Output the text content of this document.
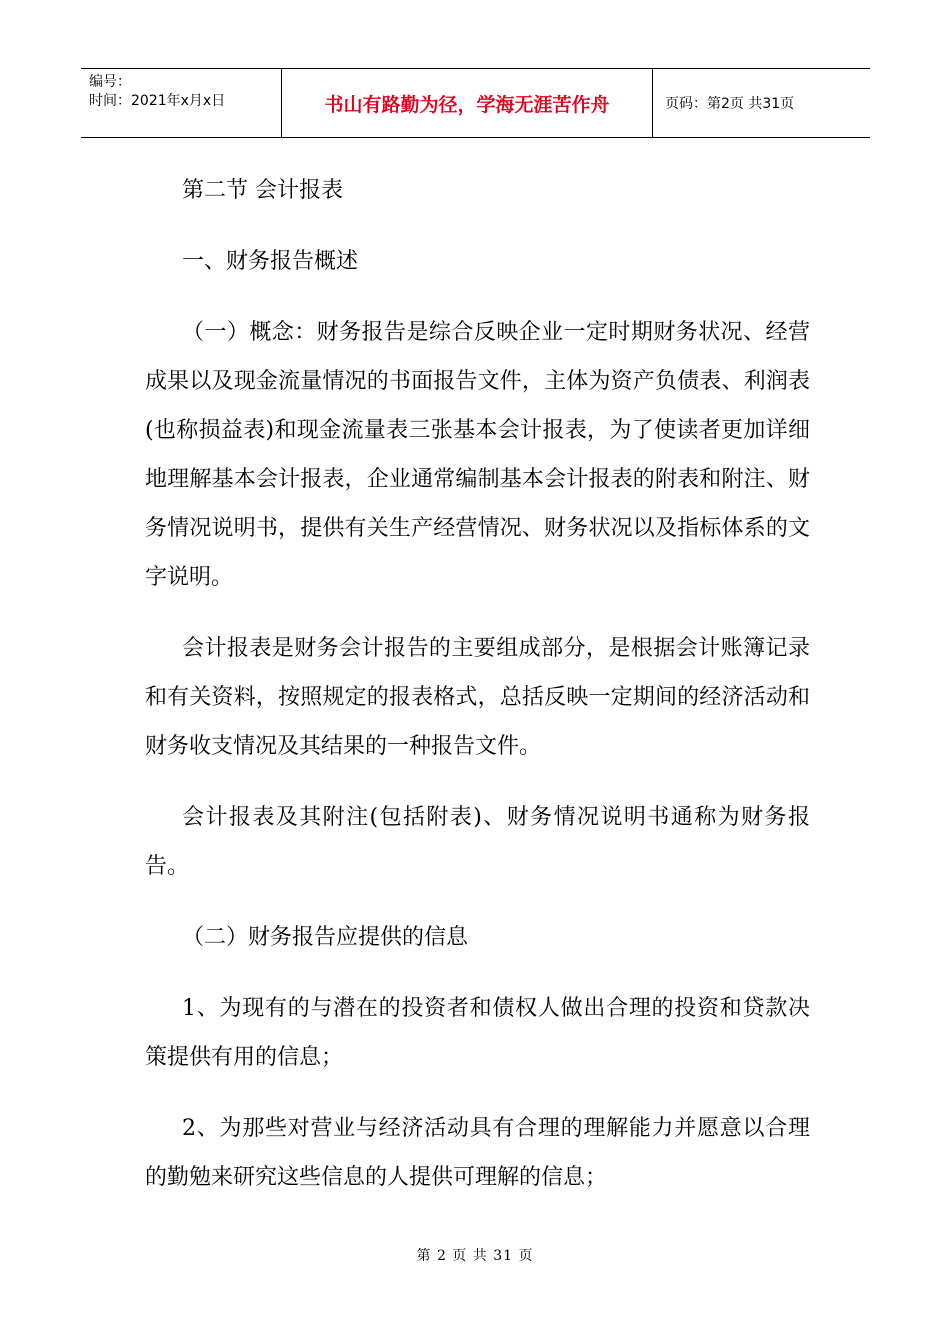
编号：
时间：2021年x月x日	书山有路勤为径，学海无涯苦作舟	页码：第2页 共31页

第二节 会计报表

一、财务报告概述

（一）概念：财务报告是综合反映企业一定时期财务状况、经营成果以及现金流量情况的书面报告文件，主体为资产负债表、利润表(也称损益表)和现金流量表三张基本会计报表，为了使读者更加详细地理解基本会计报表，企业通常编制基本会计报表的附表和附注、财务情况说明书，提供有关生产经营情况、财务状况以及指标体系的文字说明。

会计报表是财务会计报告的主要组成部分，是根据会计账簿记录和有关资料，按照规定的报表格式，总括反映一定期间的经济活动和财务收支情况及其结果的一种报告文件。

会计报表及其附注(包括附表)、财务情况说明书通称为财务报告。

（二）财务报告应提供的信息

1、为现有的与潜在的投资者和债权人做出合理的投资和贷款决策提供有用的信息；

2、为那些对营业与经济活动具有合理的理解能力并愿意以合理的勤勉来研究这些信息的人提供可理解的信息；

第 2 页 共 31 页
